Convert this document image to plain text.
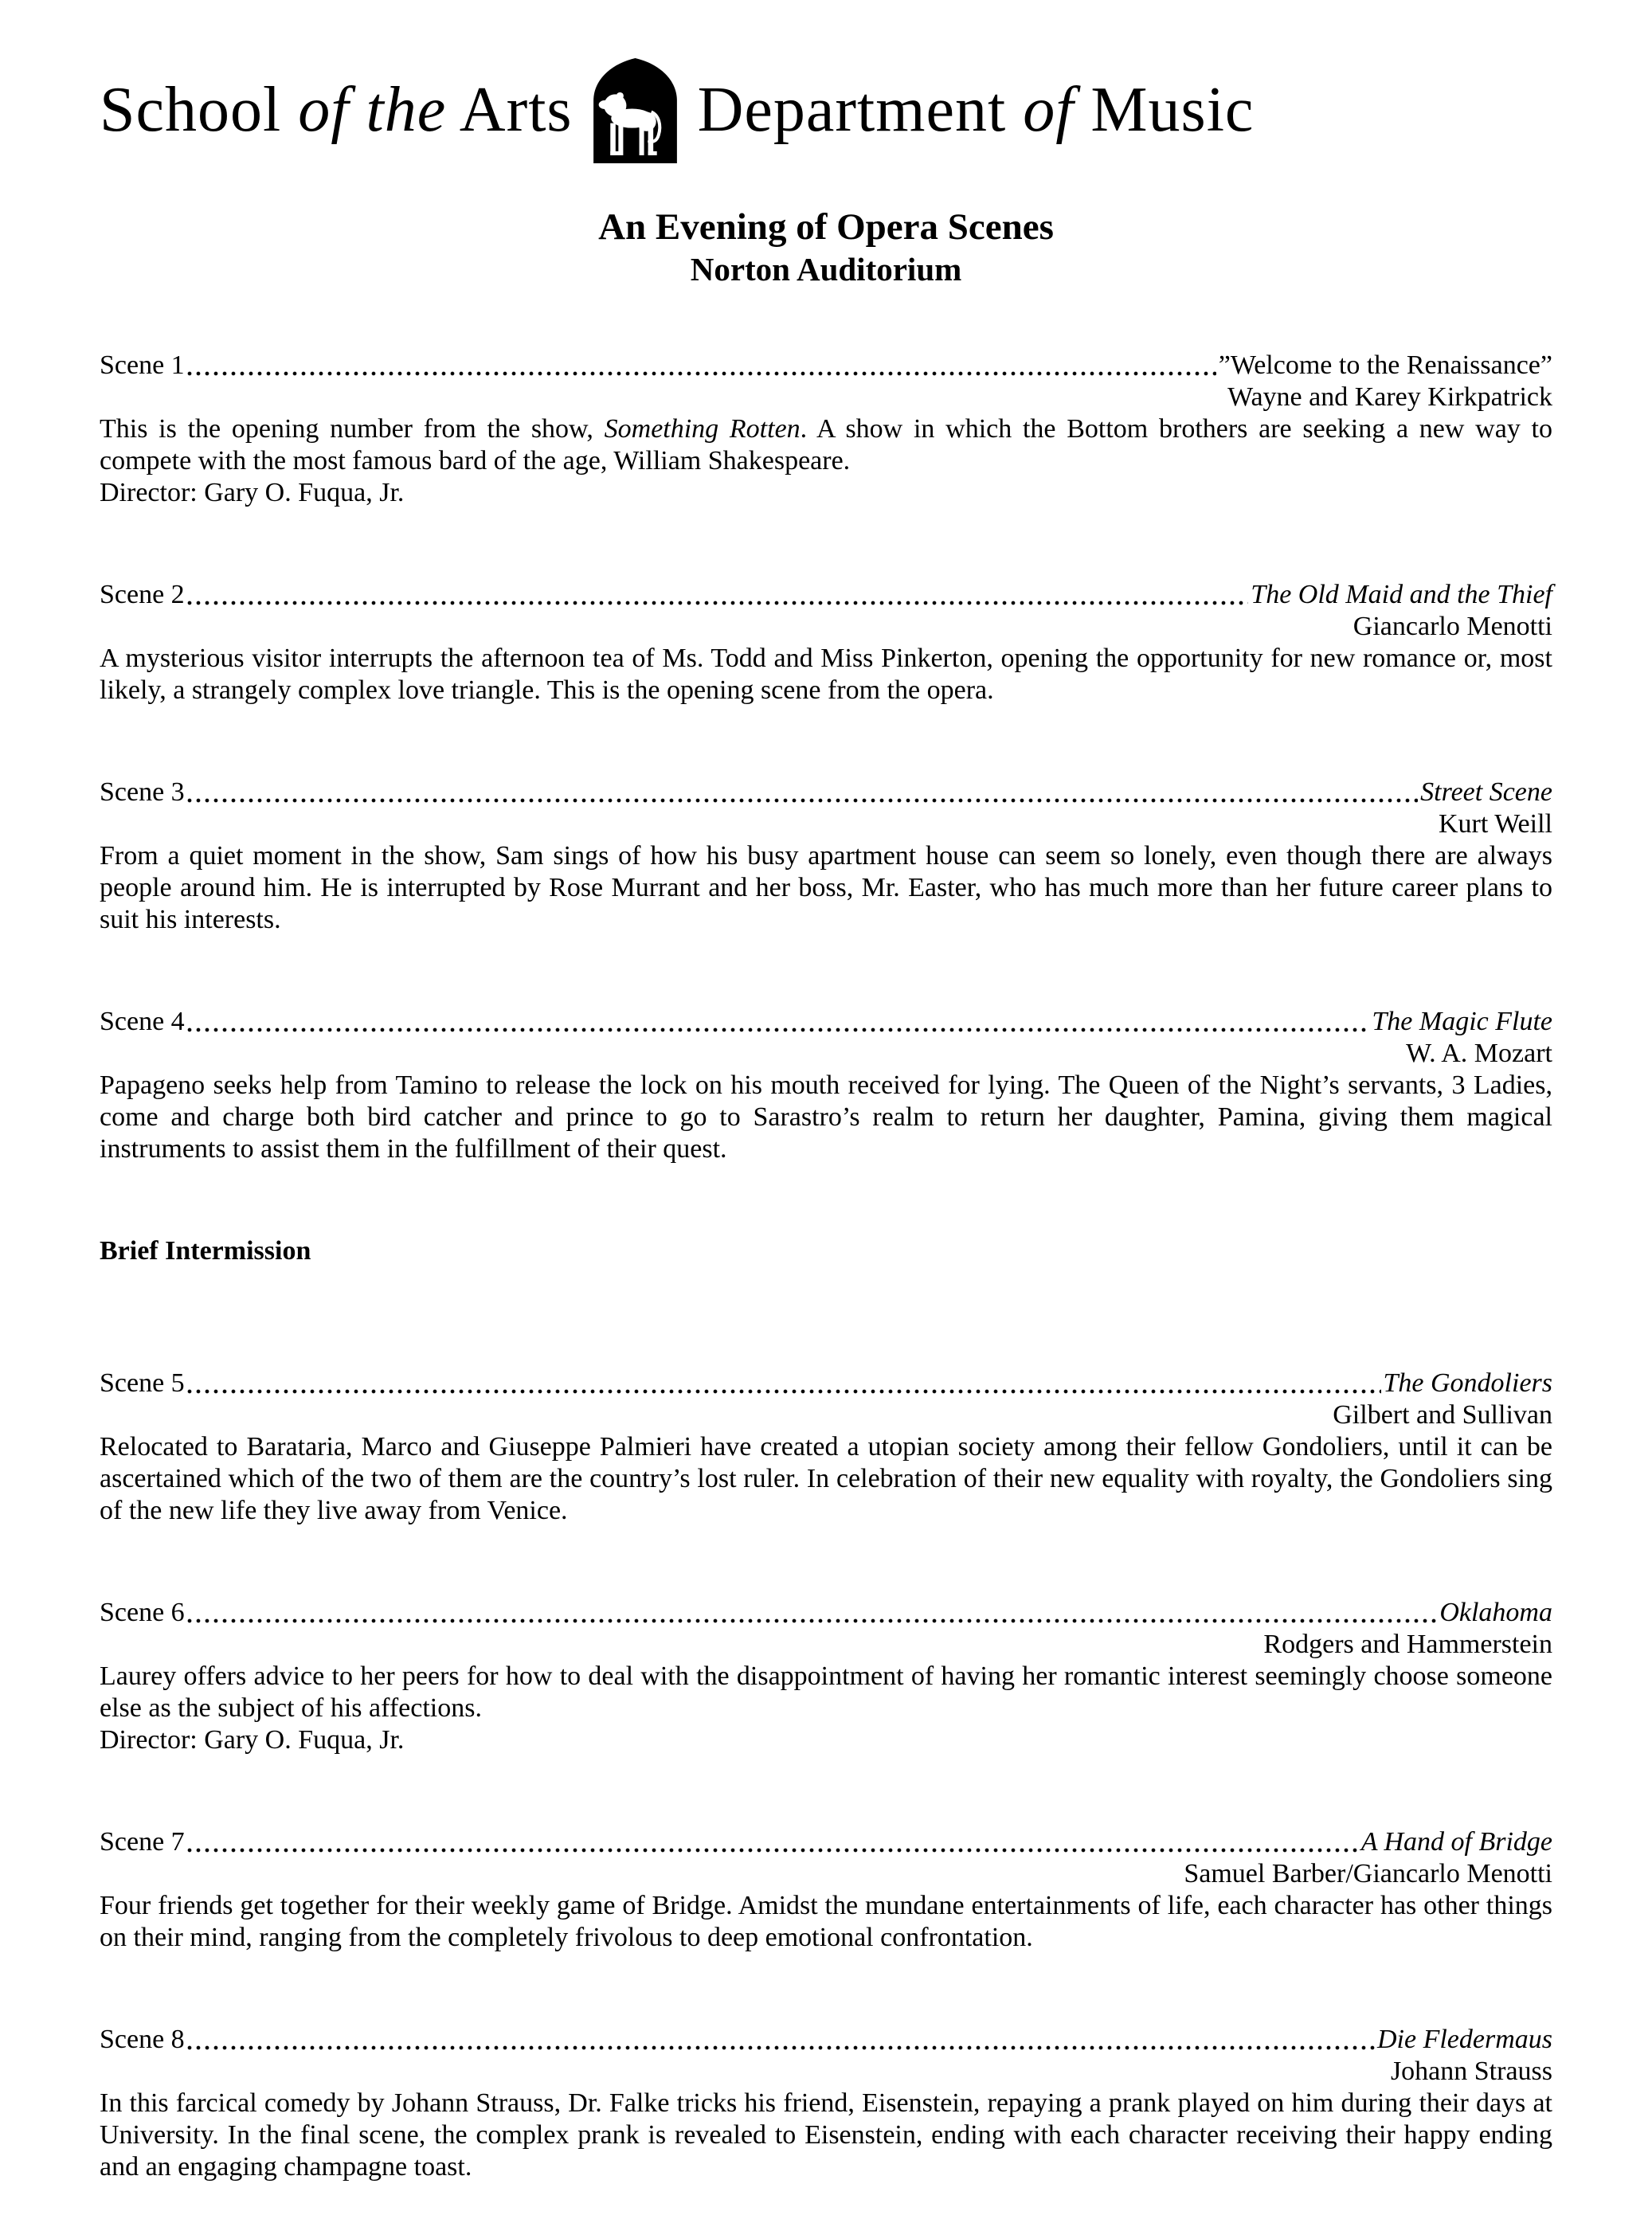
School of the Arts Department of Music
An Evening of Opera Scenes
Norton Auditorium
Scene 1	”Welcome to the Renaissance”
Wayne and Karey Kirkpatrick

This is the opening number from the show, Something Rotten. A show in which the Bottom brothers are seeking a new way to compete with the most famous bard of the age, William Shakespeare.

Director: Gary O. Fuqua, Jr.
Scene 2	The Old Maid and the Thief
Giancarlo Menotti

A mysterious visitor interrupts the afternoon tea of Ms. Todd and Miss Pinkerton, opening the opportunity for new romance or, most likely, a strangely complex love triangle. This is the opening scene from the opera.

Scene 3	Street Scene
Kurt Weill

From a quiet moment in the show, Sam sings of how his busy apartment house can seem so lonely, even though there are always people around him. He is interrupted by Rose Murrant and her boss, Mr. Easter, who has much more than her future career plans to suit his interests.

Scene 4	The Magic Flute
W. A. Mozart

Papageno seeks help from Tamino to release the lock on his mouth received for lying. The Queen of the Night’s servants, 3 Ladies, come and charge both bird catcher and prince to go to Sarastro’s realm to return her daughter, Pamina, giving them magical instruments to assist them in the fulfillment of their quest.

Brief Intermission
Scene 5	The Gondoliers
Gilbert and Sullivan

Relocated to Barataria, Marco and Giuseppe Palmieri have created a utopian society among their fellow Gondoliers, until it can be ascertained which of the two of them are the country’s lost ruler. In celebration of their new equality with royalty, the Gondoliers sing of the new life they live away from Venice.

Scene 6	Oklahoma
Rodgers and Hammerstein

Laurey offers advice to her peers for how to deal with the disappointment of having her romantic interest seemingly choose someone else as the subject of his affections.

Director: Gary O. Fuqua, Jr.
Scene 7	A Hand of Bridge
Samuel Barber/Giancarlo Menotti

Four friends get together for their weekly game of Bridge. Amidst the mundane entertainments of life, each character has other things on their mind, ranging from the completely frivolous to deep emotional confrontation.

Scene 8	Die Fledermaus
Johann Strauss

In this farcical comedy by Johann Strauss, Dr. Falke tricks his friend, Eisenstein, repaying a prank played on him during their days at University. In the final scene, the complex prank is revealed to Eisenstein, ending with each character receiving their happy ending and an engaging champagne toast.
